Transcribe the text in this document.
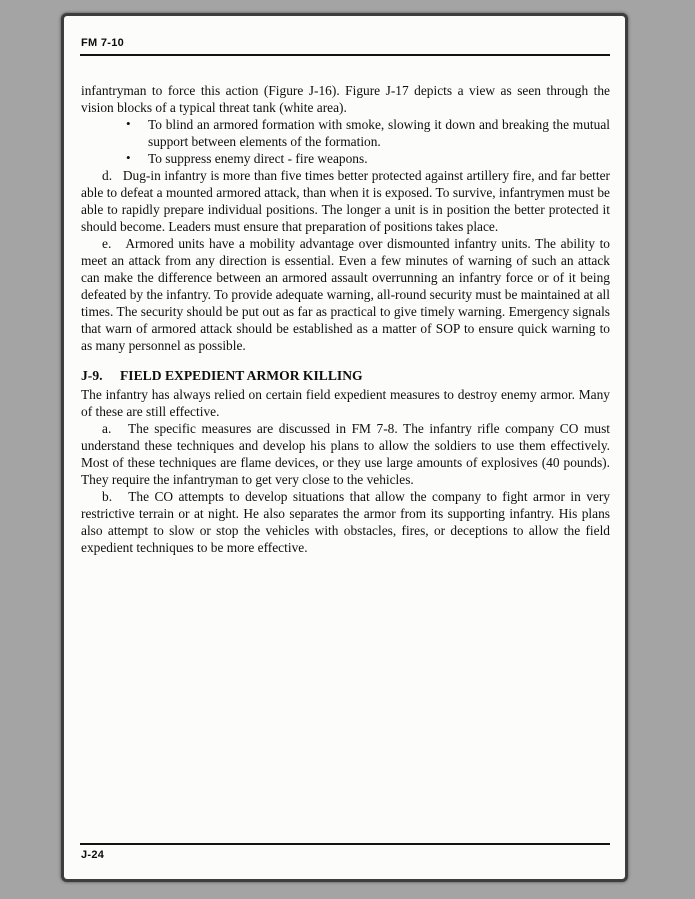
FM 7-10

infantryman to force this action (Figure J-16). Figure J-17 depicts a view as seen through the vision blocks of a typical threat tank (white area).

• To blind an armored formation with smoke, slowing it down and breaking the mutual support between elements of the formation.
• To suppress enemy direct - fire weapons.

d.   Dug-in infantry is more than five times better protected against artillery fire, and far better able to defeat a mounted armored attack, than when it is exposed. To survive, infantrymen must be able to rapidly prepare individual positions. The longer a unit is in position the better protected it should become. Leaders must ensure that preparation of positions takes place.

e.   Armored units have a mobility advantage over dismounted infantry units. The ability to meet an attack from any direction is essential. Even a few minutes of warning of such an attack can make the difference between an armored assault overrunning an infantry force or of it being defeated by the infantry. To provide adequate warning, all-round security must be maintained at all times. The security should be put out as far as practical to give timely warning. Emergency signals that warn of armored attack should be established as a matter of SOP to ensure quick warning to as many personnel as possible.

J-9. FIELD EXPEDIENT ARMOR KILLING

The infantry has always relied on certain field expedient measures to destroy enemy armor. Many of these are still effective.

a.   The specific measures are discussed in FM 7-8. The infantry rifle company CO must understand these techniques and develop his plans to allow the soldiers to use them effectively. Most of these techniques are flame devices, or they use large amounts of explosives (40 pounds). They require the infantryman to get very close to the vehicles.

b.   The CO attempts to develop situations that allow the company to fight armor in very restrictive terrain or at night. He also separates the armor from its supporting infantry. His plans also attempt to slow or stop the vehicles with obstacles, fires, or deceptions to allow the field expedient techniques to be more effective.

J-24
